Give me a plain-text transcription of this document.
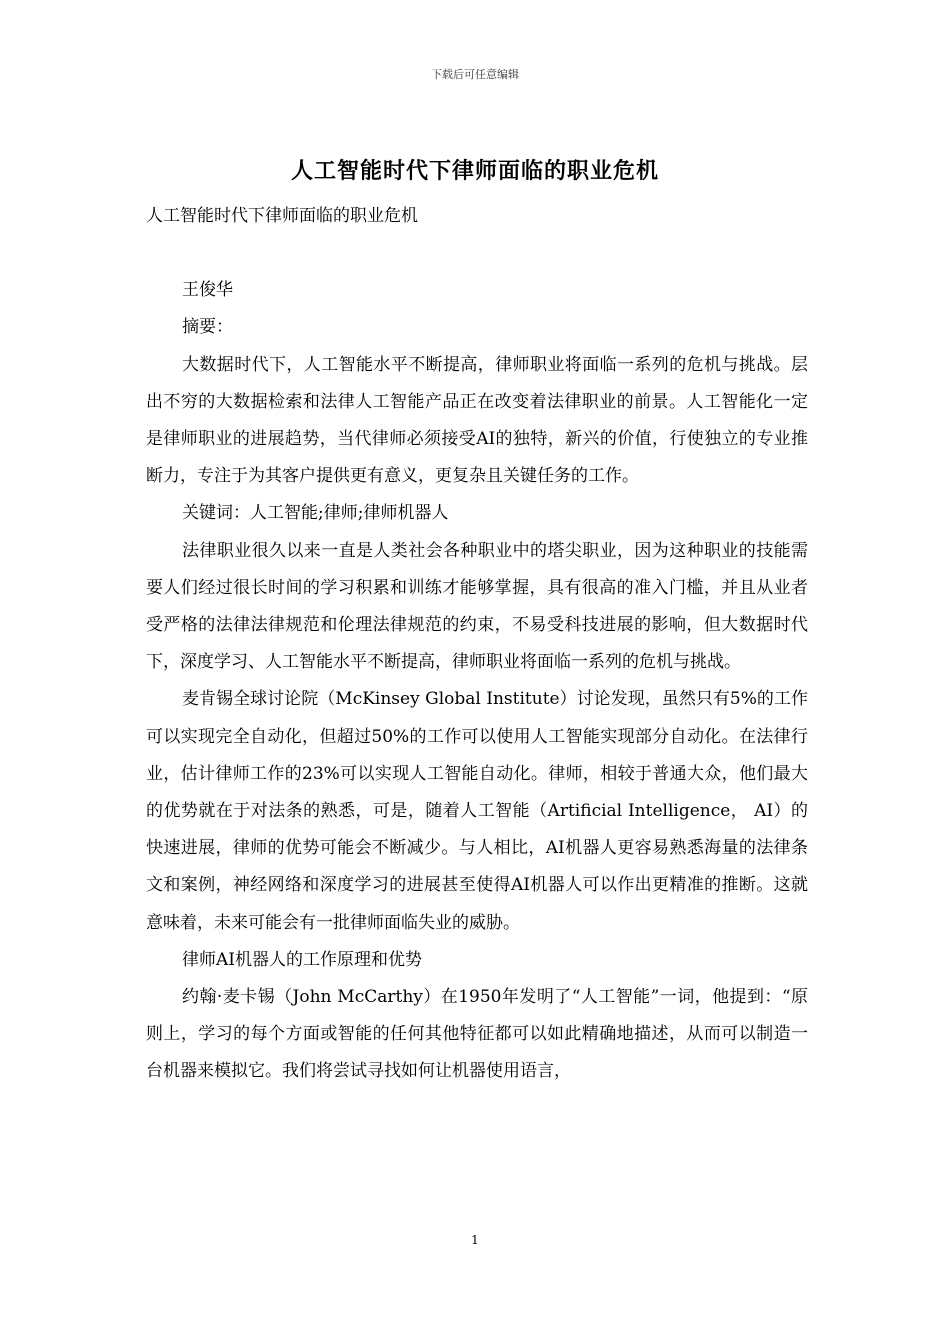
下载后可任意编辑
人工智能时代下律师面临的职业危机

人工智能时代下律师面临的职业危机

王俊华

摘要：

大数据时代下，人工智能水平不断提高，律师职业将面临一系列的危机与挑战。层出不穷的大数据检索和法律人工智能产品正在改变着法律职业的前景。人工智能化一定是律师职业的进展趋势，当代律师必须接受AI的独特，新兴的价值，行使独立的专业推断力，专注于为其客户提供更有意义，更复杂且关键任务的工作。

关键词：人工智能;律师;律师机器人

法律职业很久以来一直是人类社会各种职业中的塔尖职业，因为这种职业的技能需要人们经过很长时间的学习积累和训练才能够掌握，具有很高的准入门槛，并且从业者受严格的法律法律规范和伦理法律规范的约束，不易受科技进展的影响，但大数据时代下，深度学习、人工智能水平不断提高，律师职业将面临一系列的危机与挑战。

麦肯锡全球讨论院（McKinsey Global Institute）讨论发现，虽然只有5%的工作可以实现完全自动化，但超过50%的工作可以使用人工智能实现部分自动化。在法律行业，估计律师工作的23%可以实现人工智能自动化。律师，相较于普通大众，他们最大的优势就在于对法条的熟悉，可是，随着人工智能（Artificial Intelligence， AI）的快速进展，律师的优势可能会不断减少。与人相比，AI机器人更容易熟悉海量的法律条文和案例，神经网络和深度学习的进展甚至使得AI机器人可以作出更精准的推断。这就意味着，未来可能会有一批律师面临失业的威胁。

律师AI机器人的工作原理和优势

约翰·麦卡锡（John McCarthy）在1950年发明了“人工智能”一词，他提到：“原则上，学习的每个方面或智能的任何其他特征都可以如此精确地描述，从而可以制造一台机器来模拟它。我们将尝试寻找如何让机器使用语言，

1
